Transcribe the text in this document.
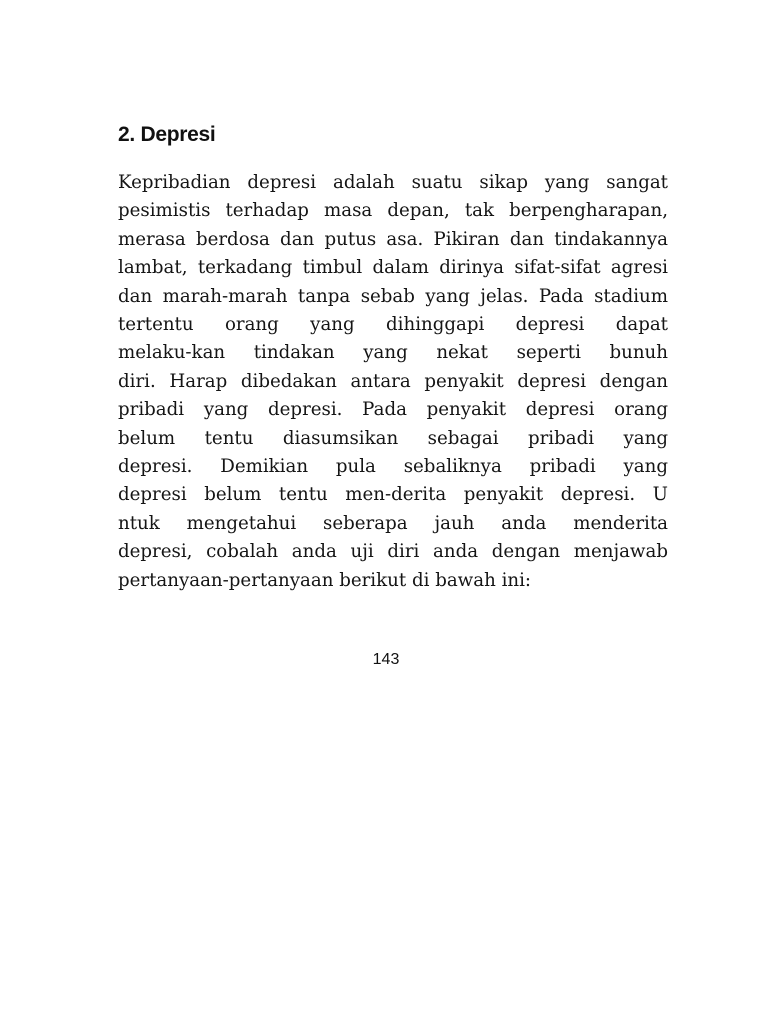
2. Depresi
Kepribadian depresi adalah suatu sikap yang sangat
pesimistis terhadap masa depan, tak berpengharapan,
merasa berdosa dan putus asa. Pikiran dan tindakannya
lambat, terkadang timbul dalam dirinya sifat-sifat agresi
dan marah-marah tanpa sebab yang jelas. Pada stadium
tertentu orang yang dihinggapi depresi dapat
melaku-kan tindakan yang nekat seperti bunuh
diri. Harap dibedakan antara penyakit depresi dengan
pribadi yang depresi. Pada penyakit depresi orang
belum tentu diasumsikan sebagai pribadi yang
depresi. Demikian pula sebaliknya pribadi yang
depresi belum tentu men-derita penyakit depresi. U
ntuk mengetahui seberapa jauh anda menderita
depresi, cobalah anda uji diri anda dengan menjawab
pertanyaan-pertanyaan berikut di bawah ini:

143
